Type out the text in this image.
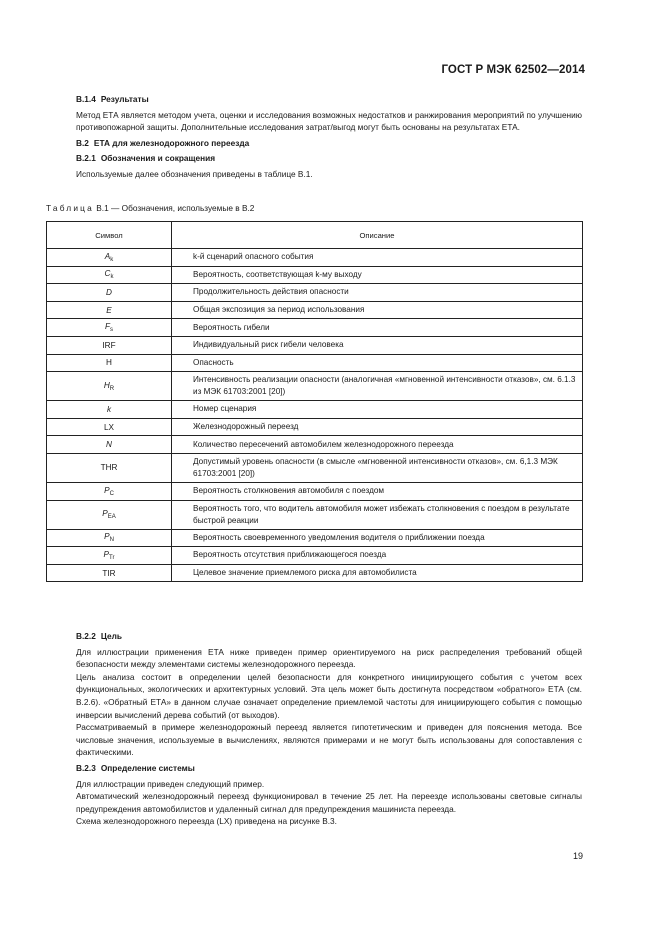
ГОСТ Р МЭК 62502—2014

В.1.4 Результаты

Метод ЕТА является методом учета, оценки и исследования возможных недостатков и ранжирования мероприятий по улучшению противопожарной защиты. Дополнительные исследования затрат/выгод могут быть основаны на результатах ЕТА.

В.2 ЕТА для железнодорожного переезда

В.2.1 Обозначения и сокращения

Используемые далее обозначения приведены в таблице В.1.

Таблица В.1 — Обозначения, используемые в В.2
Символ	Описание
$A_k$	k-й сценарий опасного события

$C_k$	Вероятность, соответствующая k-му выходу

D	Продолжительность действия опасности

E	Общая экспозиция за период использования

$F_s$	Вероятность гибели

IRF	Индивидуальный риск гибели человека

H	Опасность

$H_R$	Интенсивность реализации опасности (аналогичная «мгновенной интенсивности отказов», см. 6.1.3 из МЭК 61703:2001 [20])

k	Номер сценария

LX	Железнодорожный переезд

N	Количество пересечений автомобилем железнодорожного переезда

THR	Допустимый уровень опасности (в смысле «мгновенной интенсивности отказов», см. 6,1.3 МЭК 61703:2001 [20])

$P_C$	Вероятность столкновения автомобиля с поездом

$P_{EA}$	Вероятность того, что водитель автомобиля может избежать столкновения с поездом в результате быстрой реакции

$P_N$	Вероятность своевременного уведомления водителя о приближении поезда

$P_{Tr}$	Вероятность отсутствия приближающегося поезда

TIR	Целевое значение приемлемого риска для автомобилиста

В.2.2 Цель

Для иллюстрации применения ЕТА ниже приведен пример ориентируемого на риск распределения требований общей безопасности между элементами системы железнодорожного переезда.

Цель анализа состоит в определении целей безопасности для конкретного инициирующего события с учетом всех функциональных, экологических и архитектурных условий. Эта цель может быть достигнута посредством «обратного» ЕТА (см. В.2.6). «Обратный ЕТА» в данном случае означает определение приемлемой частоты для инициирующего события с помощью инверсии вычислений дерева событий (от выходов).

Рассматриваемый в примере железнодорожный переезд является гипотетическим и приведен для пояснения метода. Все числовые значения, используемые в вычислениях, являются примерами и не могут быть использованы для сопоставления с фактическими.

В.2.3 Определение системы

Для иллюстрации приведен следующий пример.

Автоматический железнодорожный переезд функционировал в течение 25 лет. На переезде использованы световые сигналы предупреждения автомобилистов и удаленный сигнал для предупреждения машиниста переезда.

Схема железнодорожного переезда (LX) приведена на рисунке В.3.

19
